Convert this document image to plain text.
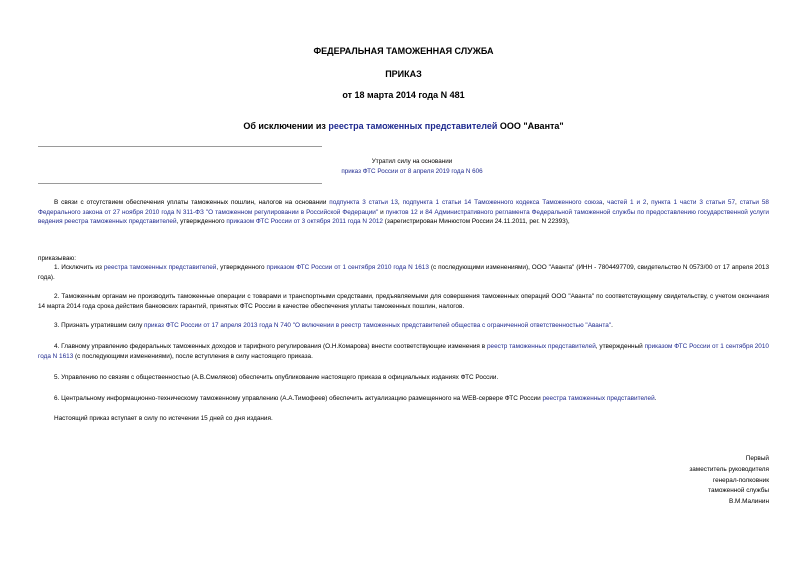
ФЕДЕРАЛЬНАЯ ТАМОЖЕННАЯ СЛУЖБА
ПРИКАЗ
от 18 марта 2014 года N 481
Об исключении из реестра таможенных представителей ООО "Аванта"
Утратил силу на основании
приказ ФТС России от 8 апреля 2019 года N 606
В связи с отсутствием обеспечения уплаты таможенных пошлин, налогов на основании подпункта 3 статьи 13, подпункта 1 статьи 14 Таможенного кодекса Таможенного союза, частей 1 и 2, пункта 1 части 3 статьи 57, статьи 58 Федерального закона от 27 ноября 2010 года N 311-ФЗ "О таможенном регулировании в Российской Федерации" и пунктов 12 и 84 Административного регламента Федеральной таможенной службы по предоставлению государственной услуги ведения реестра таможенных представителей, утвержденного приказом ФТС России от 3 октября 2011 года N 2012 (зарегистрирован Минюстом России 24.11.2011, рег. N 22393),
приказываю:
1. Исключить из реестра таможенных представителей, утвержденного приказом ФТС России от 1 сентября 2010 года N 1613 (с последующими изменениями), ООО "Аванта" (ИНН - 7804497709, свидетельство N 0573/00 от 17 апреля 2013 года).
2. Таможенным органам не производить таможенные операции с товарами и транспортными средствами, предъявляемыми для совершения таможенных операций ООО "Аванта" по соответствующему свидетельству, с учетом окончания 14 марта 2014 года срока действия банковских гарантий, принятых ФТС России в качестве обеспечения уплаты таможенных пошлин, налогов.
3. Признать утратившим силу приказ ФТС России от 17 апреля 2013 года N 740 "О включении в реестр таможенных представителей общества с ограниченной ответственностью "Аванта".
4. Главному управлению федеральных таможенных доходов и тарифного регулирования (О.Н.Комарова) внести соответствующие изменения в реестр таможенных представителей, утвержденный приказом ФТС России от 1 сентября 2010 года N 1613 (с последующими изменениями), после вступления в силу настоящего приказа.
5. Управлению по связям с общественностью (А.В.Смеляков) обеспечить опубликование настоящего приказа в официальных изданиях ФТС России.
6. Центральному информационно-техническому таможенному управлению (А.А.Тимофеев) обеспечить актуализацию размещенного на WEB-сервере ФТС России реестра таможенных представителей.
Настоящий приказ вступает в силу по истечении 15 дней со дня издания.
Первый
заместитель руководителя
генерал-полковник
таможенной службы
В.М.Малинин
